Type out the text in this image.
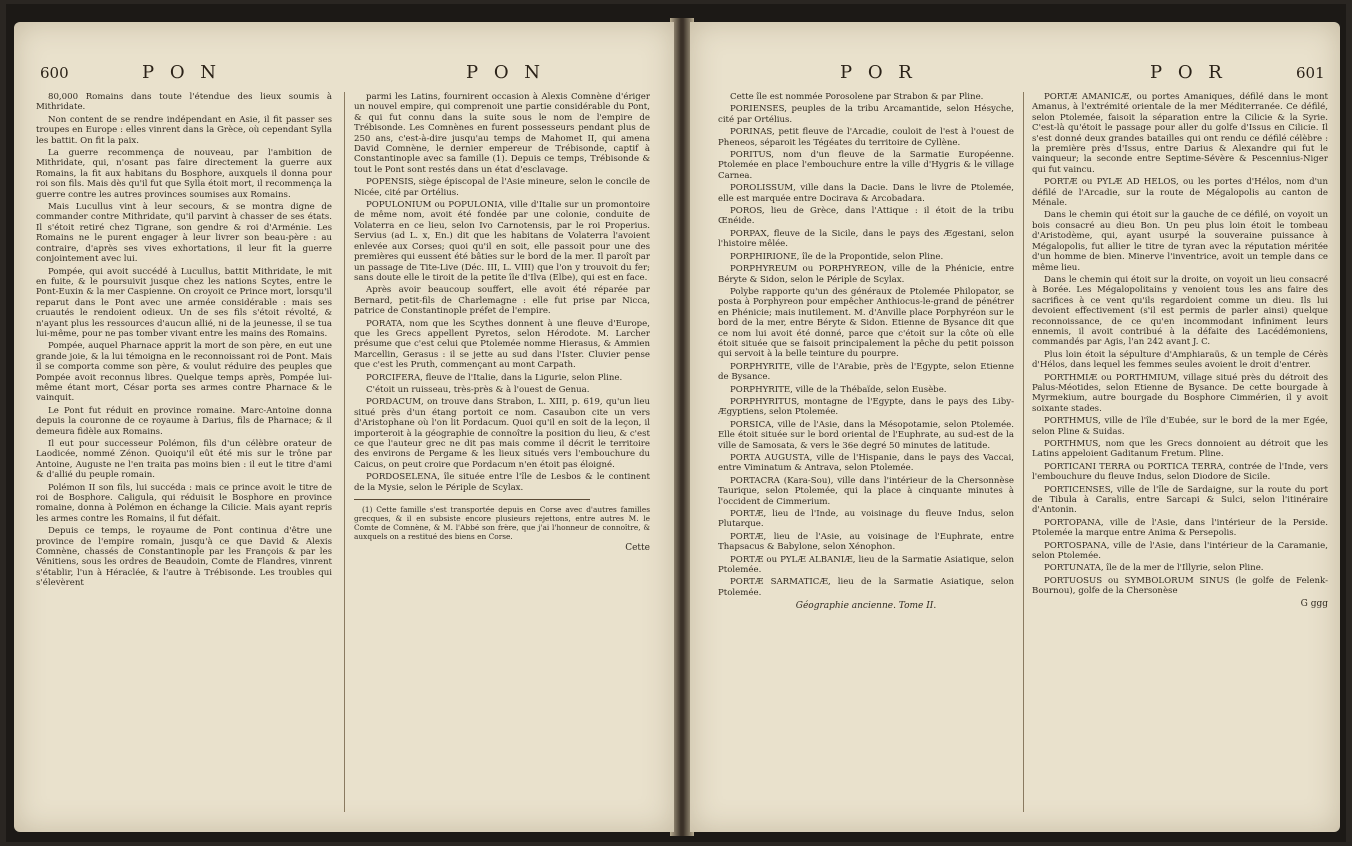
600	P O N	P O N

80,000 Romains dans toute l'étendue des lieux soumis à Mithridate.

Non content de se rendre indépendant en Asie, il fit passer ses troupes en Europe : elles vinrent dans la Grèce, où cependant Sylla les battit. On fit la paix.

La guerre recommença de nouveau, par l'ambition de Mithridate, qui, n'osant pas faire directement la guerre aux Romains, la fit aux habitans du Bosphore, auxquels il donna pour roi son fils. Mais dès qu'il fut que Sylla étoit mort, il recommença la guerre contre les autres provinces soumises aux Romains.

Mais Lucullus vint à leur secours, & se montra digne de commander contre Mithridate, qu'il parvint à chasser de ses états. Il s'étoit retiré chez Tigrane, son gendre & roi d'Arménie. Les Romains ne le purent engager à leur livrer son beau-père : au contraire, d'après ses vives exhortations, il leur fit la guerre conjointement avec lui.

Pompée, qui avoit succédé à Lucullus, battit Mithridate, le mit en fuite, & le poursuivit jusque chez les nations Scytes, entre le Pont-Euxin & la mer Caspienne. On croyoit ce Prince mort, lorsqu'il reparut dans le Pont avec une armée considérable : mais ses cruautés le rendoient odieux. Un de ses fils s'étoit révolté, & n'ayant plus les ressources d'aucun allié, ni de la jeunesse, il se tua lui-même, pour ne pas tomber vivant entre les mains des Romains.

Pompée, auquel Pharnace apprit la mort de son père, en eut une grande joie, & la lui témoigna en le reconnoissant roi de Pont. Mais il se comporta comme son père, & voulut réduire des peuples que Pompée avoit reconnus libres. Quelque temps après, Pompée lui-même étant mort, César porta ses armes contre Pharnace & le vainquit.

Le Pont fut réduit en province romaine. Marc-Antoine donna depuis la couronne de ce royaume à Darius, fils de Pharnace; & il demeura fidèle aux Romains.

Il eut pour successeur Polémon, fils d'un célèbre orateur de Laodicée, nommé Zénon. Quoiqu'il eût été mis sur le trône par Antoine, Auguste ne l'en traita pas moins bien : il eut le titre d'ami & d'allié du peuple romain.

Polémon II son fils, lui succéda : mais ce prince avoit le titre de roi de Bosphore. Caligula, qui réduisit le Bosphore en province romaine, donna à Polémon en échange la Cilicie. Mais ayant repris les armes contre les Romains, il fut défait.

Depuis ce temps, le royaume de Pont continua d'être une province de l'empire romain, jusqu'à ce que David & Alexis Comnène, chassés de Constantinople par les François & par les Vénitiens, sous les ordres de Beaudoin, Comte de Flandres, vinrent s'établir, l'un à Héraclée, & l'autre à Trébisonde. Les troubles qui s'élevèrent

parmi les Latins, fournirent occasion à Alexis Comnène d'ériger un nouvel empire, qui comprenoit une partie considérable du Pont, & qui fut connu dans la suite sous le nom de l'empire de Trébisonde. Les Comnènes en furent possesseurs pendant plus de 250 ans, c'est-à-dire jusqu'au temps de Mahomet II, qui amena David Comnène, le dernier empereur de Trébisonde, captif à Constantinople avec sa famille (1). Depuis ce temps, Trébisonde & tout le Pont sont restés dans un état d'esclavage.

POPENSIS, siège épiscopal de l'Asie mineure, selon le concile de Nicée, cité par Ortélius.

POPULONIUM ou POPULONIA, ville d'Italie sur un promontoire de même nom, avoit été fondée par une colonie, conduite de Volaterra en ce lieu, selon Ivo Carnotensis, par le roi Properius. Servius (ad L. x, En.) dit que les habitans de Volaterra l'avoient enlevée aux Corses; quoi qu'il en soit, elle passoit pour une des premières qui eussent été bâties sur le bord de la mer. Il paroît par un passage de Tite-Live (Déc. III, L. VIII) que l'on y trouvoit du fer; sans doute elle le tiroit de la petite île d'Ilva (Elbe), qui est en face.

Après avoir beaucoup souffert, elle avoit été réparée par Bernard, petit-fils de Charlemagne : elle fut prise par Nicca, patrice de Constantinople préfet de l'empire.

PORATA, nom que les Scythes donnent à une fleuve d'Europe, que les Grecs appellent Pyretos, selon Hérodote. M. Larcher présume que c'est celui que Ptolemée nomme Hierasus, & Ammien Marcellin, Gerasus : il se jette au sud dans l'Ister. Cluvier pense que c'est les Pruth, commençant au mont Carpath.

PORCIFERA, fleuve de l'Italie, dans la Ligurie, selon Pline.

C'étoit un ruisseau, très-près & à l'ouest de Genua.

PORDACUM, on trouve dans Strabon, L. XIII, p. 619, qu'un lieu situé près d'un étang portoit ce nom. Casaubon cite un vers d'Aristophane où l'on lit Pordacum. Quoi qu'il en soit de la leçon, il importeroit à la géographie de connoître la position du lieu, & c'est ce que l'auteur grec ne dit pas mais comme il décrit le territoire des environs de Pergame & les lieux situés vers l'embouchure du Caicus, on peut croire que Pordacum n'en étoit pas éloigné.

PORDOSELENA, île située entre l'île de Lesbos & le continent de la Mysie, selon le Périple de Scylax.

(1) Cette famille s'est transportée depuis en Corse avec d'autres familles grecques, & il en subsiste encore plusieurs rejettons, entre autres M. le Comte de Comnène, & M. l'Abbé son frère, que j'ai l'honneur de connoître, & auxquels on a restitué des biens en Corse.

Cette
P O R	P O R	601

Cette île est nommée Porosolene par Strabon & par Pline.

PORIENSES, peuples de la tribu Arcamantide, selon Hésyche, cité par Ortélius.

PORINAS, petit fleuve de l'Arcadie, couloit de l'est à l'ouest de Pheneos, séparoit les Tégéates du territoire de Cyllène.

PORITUS, nom d'un fleuve de la Sarmatie Européenne. Ptolemée en place l'embouchure entre la ville d'Hygris & le village Carnea.

POROLISSUM, ville dans la Dacie. Dans le livre de Ptolemée, elle est marquée entre Docirava & Arcobadara.

POROS, lieu de Grèce, dans l'Attique : il étoit de la tribu Œnéide.

PORPAX, fleuve de la Sicile, dans le pays des Ægestani, selon l'histoire mêlée.

PORPHIRIONE, île de la Propontide, selon Pline.

PORPHYREUM ou PORPHYREON, ville de la Phénicie, entre Béryte & Sidon, selon le Périple de Scylax.

Polybe rapporte qu'un des généraux de Ptolemée Philopator, se posta à Porphyreon pour empêcher Anthiocus-le-grand de pénétrer en Phénicie; mais inutilement. M. d'Anville place Porphyréon sur le bord de la mer, entre Béryte & Sidon. Etienne de Bysance dit que ce nom lui avoit été donné, parce que c'étoit sur la côte où elle étoit située que se faisoit principalement la pêche du petit poisson qui servoit à la belle teinture du pourpre.

PORPHYRITE, ville de l'Arabie, près de l'Egypte, selon Etienne de Bysance.

PORPHYRITE, ville de la Thébaïde, selon Eusèbe.

PORPHYRITUS, montagne de l'Egypte, dans le pays des Liby-Ægyptiens, selon Ptolemée.

PORSICA, ville de l'Asie, dans la Mésopotamie, selon Ptolemée. Elle étoit située sur le bord oriental de l'Euphrate, au sud-est de la ville de Samosata, & vers le 36e degré 50 minutes de latitude.

PORTA AUGUSTA, ville de l'Hispanie, dans le pays des Vaccai, entre Viminatum & Antrava, selon Ptolemée.

PORTACRA (Kara-Sou), ville dans l'intérieur de la Chersonnèse Taurique, selon Ptolemée, qui la place à cinquante minutes à l'occident de Cimmerium.

PORTÆ, lieu de l'Inde, au voisinage du fleuve Indus, selon Plutarque.

PORTÆ, lieu de l'Asie, au voisinage de l'Euphrate, entre Thapsacus & Babylone, selon Xénophon.

PORTÆ ou PYLÆ ALBANIÆ, lieu de la Sarmatie Asiatique, selon Ptolemée.

PORTÆ SARMATICÆ, lieu de la Sarmatie Asiatique, selon Ptolemée.

Géographie ancienne. Tome II.

PORTÆ AMANICÆ, ou portes Amaniques, défilé dans le mont Amanus, à l'extrémité orientale de la mer Méditerranée. Ce défilé, selon Ptolemée, faisoit la séparation entre la Cilicie & la Syrie. C'est-là qu'étoit le passage pour aller du golfe d'Issus en Cilicie. Il s'est donné deux grandes batailles qui ont rendu ce défilé célèbre : la première près d'Issus, entre Darius & Alexandre qui fut le vainqueur; la seconde entre Septime-Sévère & Pescennius-Niger qui fut vaincu.

PORTÆ ou PYLÆ AD HELOS, ou les portes d'Hélos, nom d'un défilé de l'Arcadie, sur la route de Mégalopolis au canton de Ménale.

Dans le chemin qui étoit sur la gauche de ce défilé, on voyoit un bois consacré au dieu Bon. Un peu plus loin étoit le tombeau d'Aristodème, qui, ayant usurpé la souveraine puissance à Mégalopolis, fut allier le titre de tyran avec la réputation méritée d'un homme de bien. Minerve l'inventrice, avoit un temple dans ce même lieu.

Dans le chemin qui étoit sur la droite, on voyoit un lieu consacré à Borée. Les Mégalopolitains y venoient tous les ans faire des sacrifices à ce vent qu'ils regardoient comme un dieu. Ils lui devoient effectivement (s'il est permis de parler ainsi) quelque reconnoissance, de ce qu'en incommodant infiniment leurs ennemis, il avoit contribué à la défaite des Lacédémoniens, commandés par Agis, l'an 242 avant J. C.

Plus loin étoit la sépulture d'Amphiaraüs, & un temple de Cérès d'Hélos, dans lequel les femmes seules avoient le droit d'entrer.

PORTHMIÆ ou PORTHMIUM, village situé près du détroit des Palus-Méotides, selon Etienne de Bysance. De cette bourgade à Myrmekium, autre bourgade du Bosphore Cimmérien, il y avoit soixante stades.

PORTHMUS, ville de l'île d'Eubée, sur le bord de la mer Egée, selon Pline & Suidas.

PORTHMUS, nom que les Grecs donnoient au détroit que les Latins appeloient Gaditanum Fretum. Pline.

PORTICANI TERRA ou PORTICA TERRA, contrée de l'Inde, vers l'embouchure du fleuve Indus, selon Diodore de Sicile.

PORTICENSES, ville de l'île de Sardaigne, sur la route du port de Tibula à Caralis, entre Sarcapi & Sulci, selon l'itinéraire d'Antonin.

PORTOPANA, ville de l'Asie, dans l'intérieur de la Perside. Ptolemée la marque entre Anima & Persepolis.

PORTOSPANA, ville de l'Asie, dans l'intérieur de la Caramanie, selon Ptolemée.

PORTUNATA, île de la mer de l'Illyrie, selon Pline.

PORTUOSUS ou SYMBOLORUM SINUS (le golfe de Felenk-Bournou), golfe de la Chersonèse

G ggg
